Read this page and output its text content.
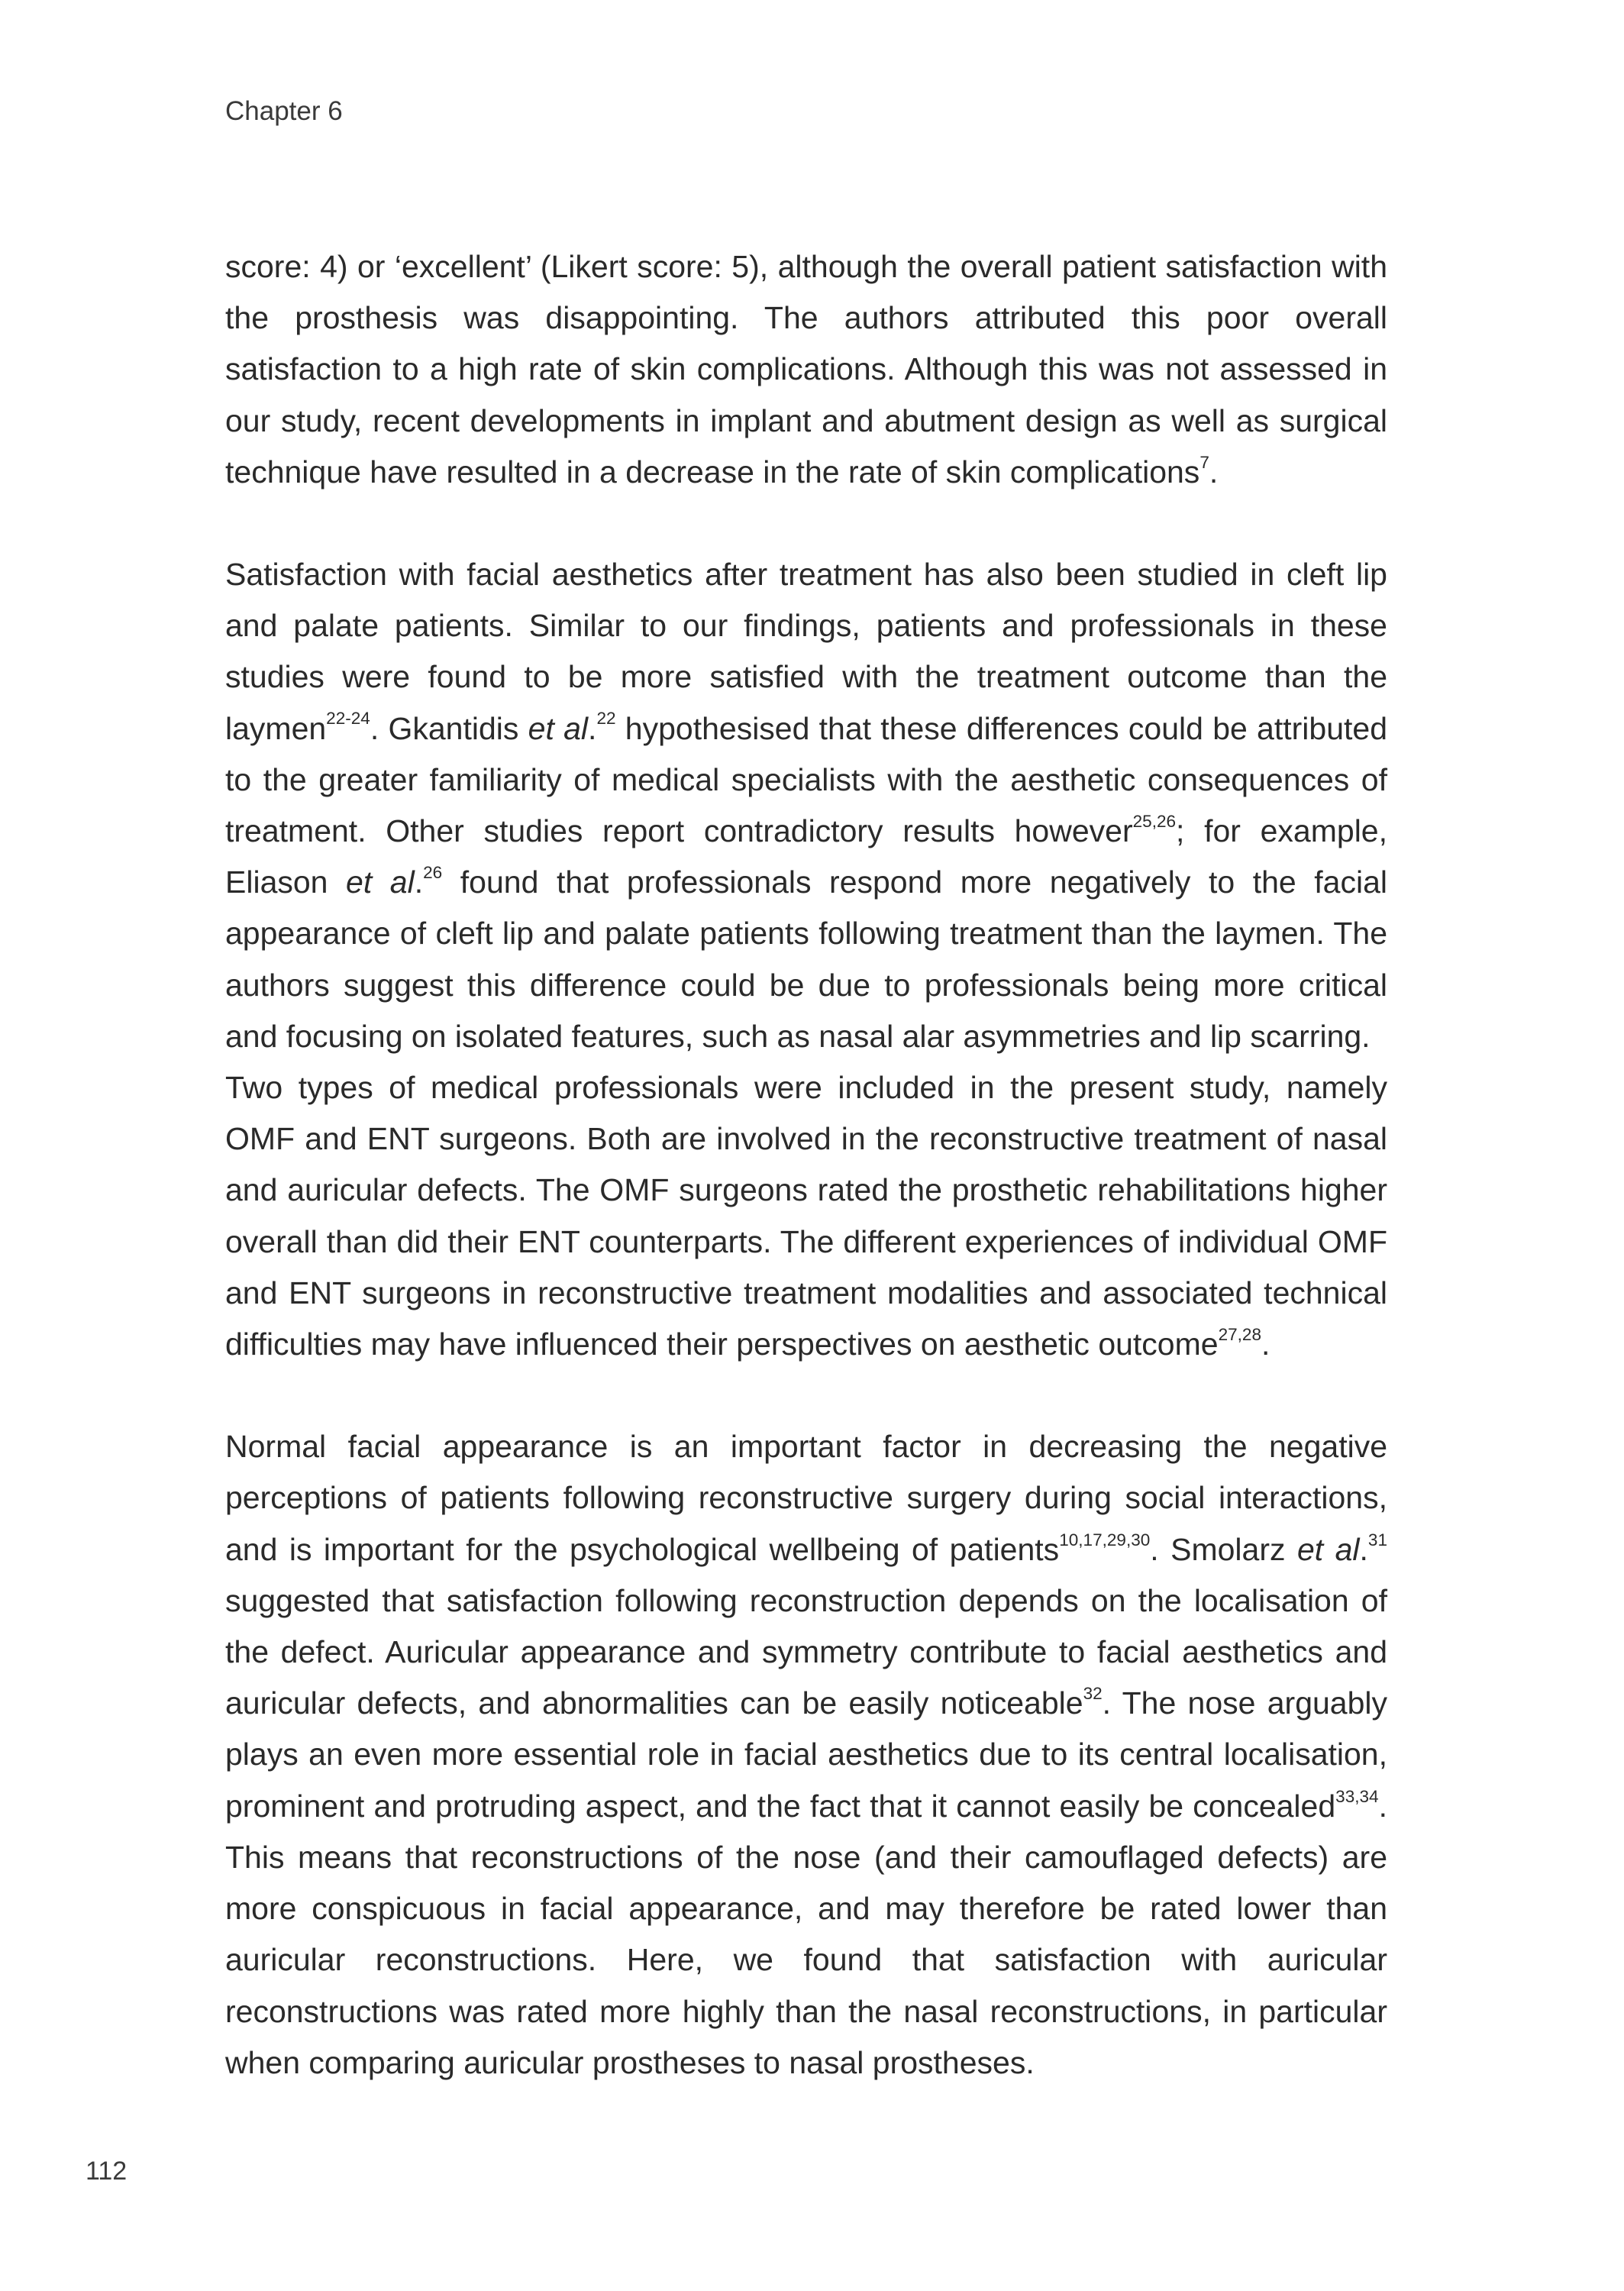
Chapter 6

score: 4) or ‘excellent’ (Likert score: 5), although the overall patient satisfaction with the prosthesis was disappointing. The authors attributed this poor overall satisfaction to a high rate of skin complications. Although this was not assessed in our study, recent developments in implant and abutment design as well as surgical technique have resulted in a decrease in the rate of skin complications$^7$.

Satisfaction with facial aesthetics after treatment has also been studied in cleft lip and palate patients. Similar to our findings, patients and professionals in these studies were found to be more satisfied with the treatment outcome than the laymen$^{22-24}$. Gkantidis et al.$^{22}$ hypothesised that these differences could be attributed to the greater familiarity of medical specialists with the aesthetic consequences of treatment. Other studies report contradictory results however$^{25,26}$; for example, Eliason et al.$^{26}$ found that professionals respond more negatively to the facial appearance of cleft lip and palate patients following treatment than the laymen. The authors suggest this difference could be due to professionals being more critical and focusing on isolated features, such as nasal alar asymmetries and lip scarring.

Two types of medical professionals were included in the present study, namely OMF and ENT surgeons. Both are involved in the reconstructive treatment of nasal and auricular defects. The OMF surgeons rated the prosthetic rehabilitations higher overall than did their ENT counterparts. The different experiences of individual OMF and ENT surgeons in reconstructive treatment modalities and associated technical difficulties may have influenced their perspectives on aesthetic outcome$^{27,28}$.

Normal facial appearance is an important factor in decreasing the negative perceptions of patients following reconstructive surgery during social interactions, and is important for the psychological wellbeing of patients$^{10,17,29,30}$. Smolarz et al.$^{31}$ suggested that satisfaction following reconstruction depends on the localisation of the defect. Auricular appearance and symmetry contribute to facial aesthetics and auricular defects, and abnormalities can be easily noticeable$^{32}$. The nose arguably plays an even more essential role in facial aesthetics due to its central localisation, prominent and protruding aspect, and the fact that it cannot easily be concealed$^{33,34}$. This means that reconstructions of the nose (and their camouflaged defects) are more conspicuous in facial appearance, and may therefore be rated lower than auricular reconstructions. Here, we found that satisfaction with auricular reconstructions was rated more highly than the nasal reconstructions, in particular when comparing auricular prostheses to nasal prostheses.

112
